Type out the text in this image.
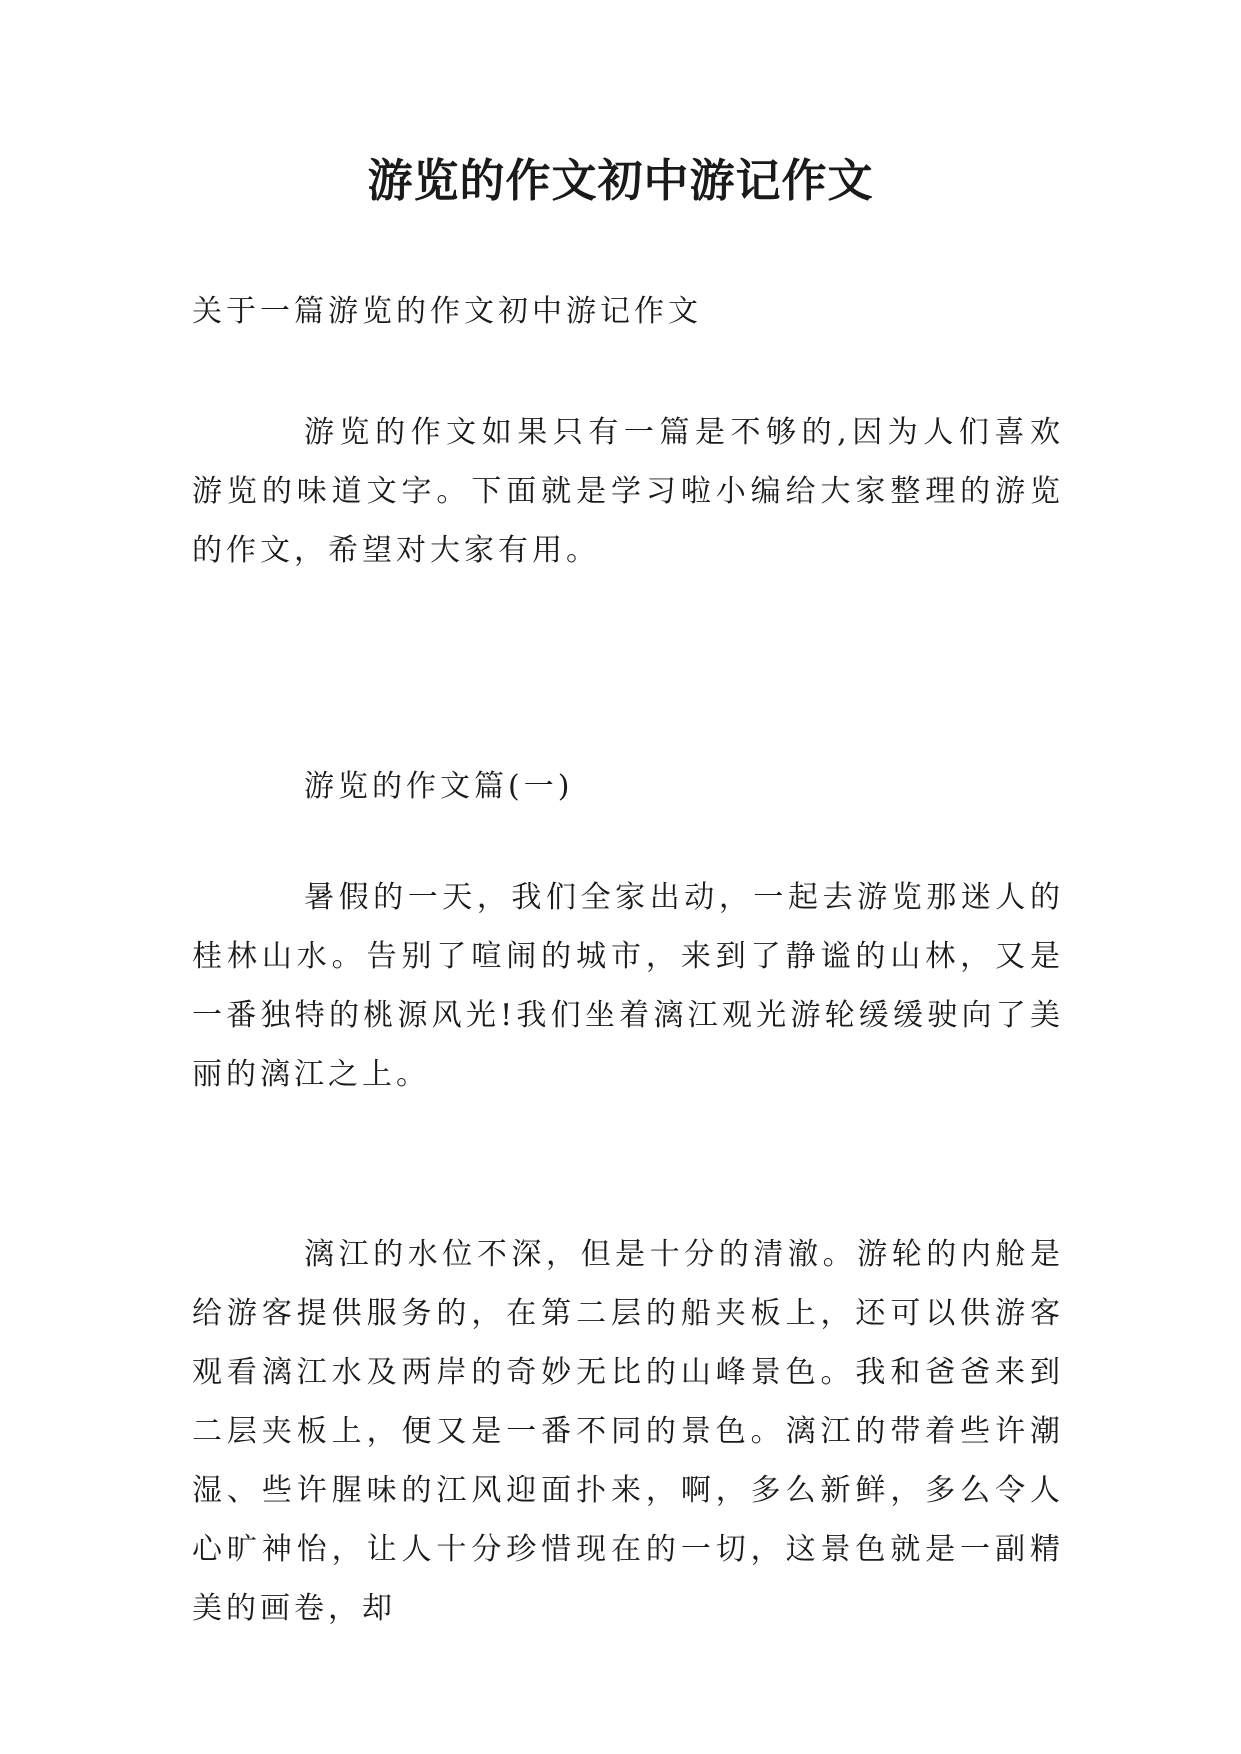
游览的作文初中游记作文

关于一篇游览的作文初中游记作文

游览的作文如果只有一篇是不够的,因为人们喜欢游览的味道文字。下面就是学习啦小编给大家整理的游览的作文，希望对大家有用。

游览的作文篇(一)

暑假的一天，我们全家出动，一起去游览那迷人的桂林山水。告别了喧闹的城市，来到了静谧的山林，又是一番独特的桃源风光!我们坐着漓江观光游轮缓缓驶向了美丽的漓江之上。

漓江的水位不深，但是十分的清澈。游轮的内舱是给游客提供服务的，在第二层的船夹板上，还可以供游客观看漓江水及两岸的奇妙无比的山峰景色。我和爸爸来到二层夹板上，便又是一番不同的景色。漓江的带着些许潮湿、些许腥味的江风迎面扑来，啊，多么新鲜，多么令人心旷神怡，让人十分珍惜现在的一切，这景色就是一副精美的画卷，却
